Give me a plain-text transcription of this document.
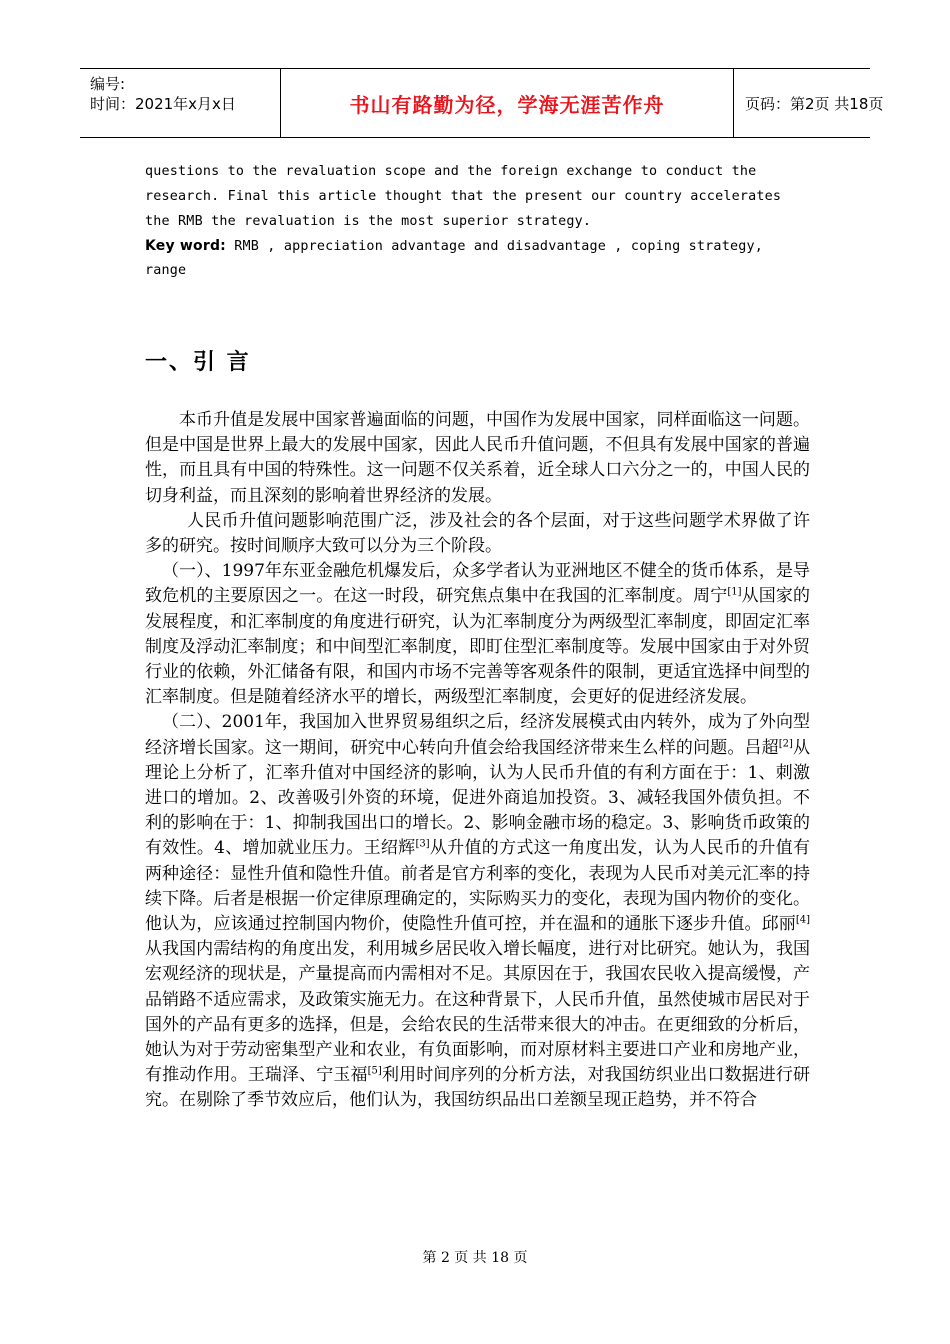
编号:
时间：2021年x月x日	书山有路勤为径，学海无涯苦作舟	页码：第2页 共18页
questions to the revaluation scope and the foreign exchange to conduct the
research. Final this article thought that the present our country accelerates
the RMB the revaluation is the most superior strategy.
Key word: RMB , appreciation advantage and disadvantage , coping strategy,
range
一、引 言

本币升值是发展中国家普遍面临的问题，中国作为发展中国家，同样面临这一问题。但是中国是世界上最大的发展中国家，因此人民币升值问题，不但具有发展中国家的普遍性，而且具有中国的特殊性。这一问题不仅关系着，近全球人口六分之一的，中国人民的切身利益，而且深刻的影响着世界经济的发展。

人民币升值问题影响范围广泛，涉及社会的各个层面，对于这些问题学术界做了许多的研究。按时间顺序大致可以分为三个阶段。

（一）、1997年东亚金融危机爆发后，众多学者认为亚洲地区不健全的货币体系，是导致危机的主要原因之一。在这一时段，研究焦点集中在我国的汇率制度。周宁[1]从国家的发展程度，和汇率制度的角度进行研究，认为汇率制度分为两级型汇率制度，即固定汇率制度及浮动汇率制度；和中间型汇率制度，即盯住型汇率制度等。发展中国家由于对外贸行业的依赖，外汇储备有限，和国内市场不完善等客观条件的限制，更适宜选择中间型的汇率制度。但是随着经济水平的增长，两级型汇率制度，会更好的促进经济发展。

（二）、2001年，我国加入世界贸易组织之后，经济发展模式由内转外，成为了外向型经济增长国家。这一期间，研究中心转向升值会给我国经济带来生么样的问题。吕超[2]从理论上分析了，汇率升值对中国经济的影响，认为人民币升值的有利方面在于：1、刺激进口的增加。2、改善吸引外资的环境，促进外商追加投资。3、减轻我国外债负担。不利的影响在于：1、抑制我国出口的增长。2、影响金融市场的稳定。3、影响货币政策的有效性。4、增加就业压力。王绍辉[3]从升值的方式这一角度出发，认为人民币的升值有两种途径：显性升值和隐性升值。前者是官方利率的变化，表现为人民币对美元汇率的持续下降。后者是根据一价定律原理确定的，实际购买力的变化，表现为国内物价的变化。他认为，应该通过控制国内物价，使隐性升值可控，并在温和的通胀下逐步升值。邱丽[4]从我国内需结构的角度出发，利用城乡居民收入增长幅度，进行对比研究。她认为，我国宏观经济的现状是，产量提高而内需相对不足。其原因在于，我国农民收入提高缓慢，产品销路不适应需求，及政策实施无力。在这种背景下，人民币升值，虽然使城市居民对于国外的产品有更多的选择，但是，会给农民的生活带来很大的冲击。在更细致的分析后，她认为对于劳动密集型产业和农业，有负面影响，而对原材料主要进口产业和房地产业，有推动作用。王瑞泽、宁玉福[5]利用时间序列的分析方法，对我国纺织业出口数据进行研究。在剔除了季节效应后，他们认为，我国纺织品出口差额呈现正趋势，并不符合

第 2 页 共 18 页
